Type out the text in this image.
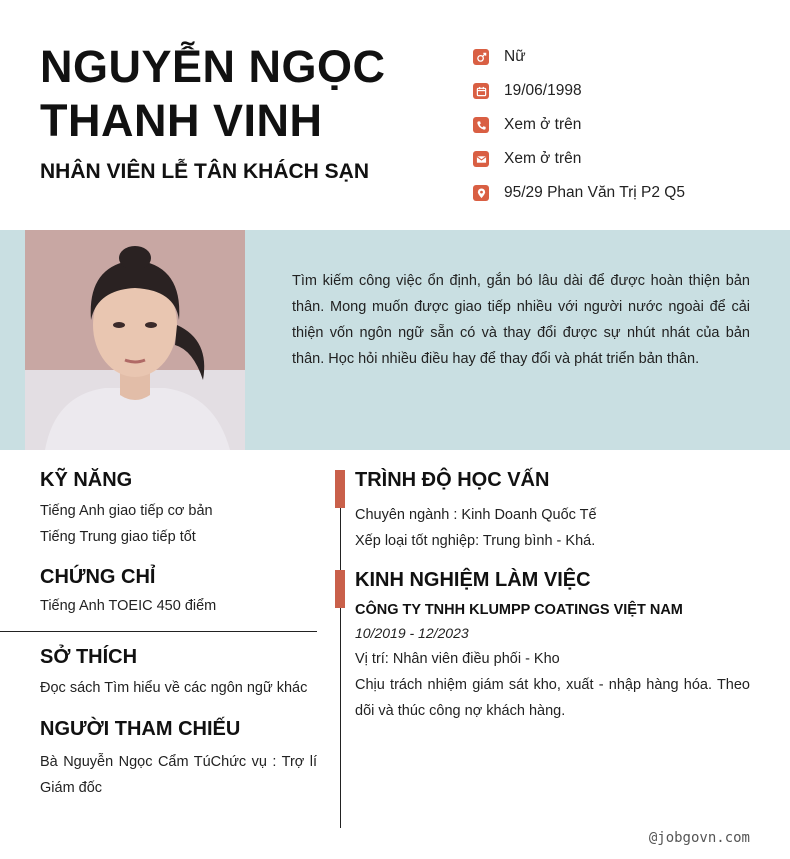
NGUYỄN NGỌC
THANH VINH
NHÂN VIÊN LỄ TÂN KHÁCH SẠN
Nữ
19/06/1998
Xem ở trên
Xem ở trên
95/29 Phan Văn Trị P2 Q5
Tìm kiếm công việc ổn định, gắn bó lâu dài để được hoàn thiện bản thân. Mong muốn được giao tiếp nhiều với người nước ngoài để cải thiện vốn ngôn ngữ sẵn có và thay đổi được sự nhút nhát của bản thân. Học hỏi nhiều điều hay để thay đổi và phát triển bản thân.
KỸ NĂNG
Tiếng Anh giao tiếp cơ bản
Tiếng Trung giao tiếp tốt
CHỨNG CHỈ
Tiếng Anh TOEIC 450 điểm
SỞ THÍCH
Đọc sách Tìm hiểu về các ngôn ngữ khác
NGƯỜI THAM CHIẾU
Bà Nguyễn Ngọc Cẩm TúChức vụ : Trợ lí Giám đốc
TRÌNH ĐỘ HỌC VẤN
Chuyên ngành : Kinh Doanh Quốc Tế
Xếp loại tốt nghiệp: Trung bình - Khá.
KINH NGHIỆM LÀM VIỆC
CÔNG TY TNHH KLUMPP COATINGS VIỆT NAM
10/2019 - 12/2023
Vị trí: Nhân viên điều phối - Kho
Chịu trách nhiệm giám sát kho, xuất - nhập hàng hóa. Theo dõi và thúc công nợ khách hàng.
@jobgovn.com
